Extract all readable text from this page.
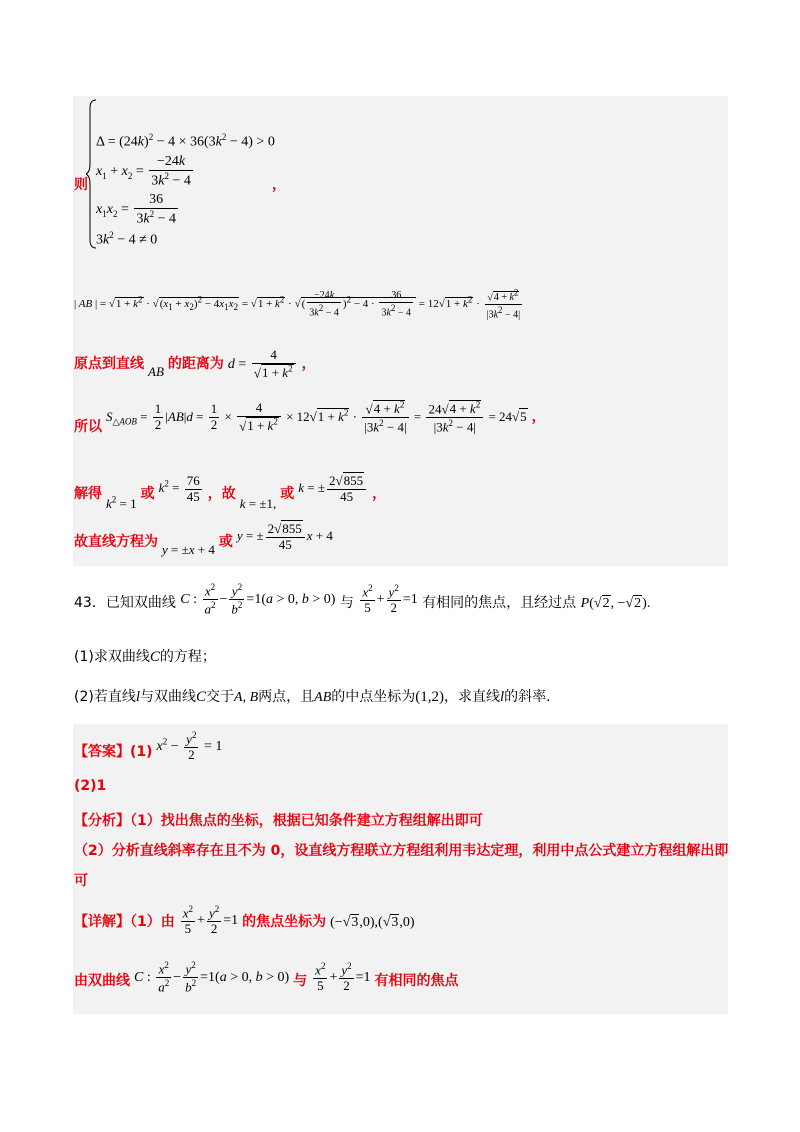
则
$\Delta = (24k)^2 - 4 \times 36(3k^2 - 4) > 0$
$x_1 + x_2 = \frac{-24k}{3k^2 - 4}$
$x_1x_2 = \frac{36}{3k^2 - 4}$
$3k^2 - 4 \ne 0$
，
| AB | = $√1 + k^2 \cdot √(x_1 + x_2)^2 - 4x_1x_2 = √1 + k^2$ · √( $\frac{-24k}{3k^2 - 4} )^2 - 4 \cdot \frac{36}{3k^2 - 4} = 12√1 + k^2 \cdot \frac{√4 + k^2}{|3k^2 - 4|}$
原点到直线 $_{AB}$ 的距离为 $d = \frac{4}{√1 + k^2}$ ，
所以 $S_{\triangle AOB} = \frac{1}{2} |AB|d = \frac{1}{2} \times \frac{4}{√1 + k^2} \times 12√1 + k^2 \cdot \frac{√4 + k^2}{|3k^2 - 4|} = \frac{24√4 + k^2}{|3k^2 - 4|} = 24√5$ ，
解得 $_{k^2 = 1}$ 或 $k^2 = \frac{76}{45}$ ，故 $_{k = \pm 1,}$ 或 k = ± $\frac{2√855}{45}$ ，
故直线方程为 $_{y = \pm x + 4}$ 或 y = ± $\frac{2√855}{45}$ x + 4
43．已知双曲线 C : $\frac{x^2}{a^2} - \frac{y^2}{b^2} =1(a > 0$, b > 0) 与 $\frac{x^2}{5} + \frac{y^2}{2} =1$ 有相同的焦点，且经过点 P(√2, −√2).
(1)求双曲线C的方程；
(2)若直线l与双曲线C交于A, B两点，且AB的中点坐标为(1,2)，求直线l的斜率.
【答案】(1) $x^2 - \frac{y^2}{2} = 1$
(2)1
【分析】（1）找出焦点的坐标，根据已知条件建立方程组解出即可
（2）分析直线斜率存在且不为 0，设直线方程联立方程组利用韦达定理，利用中点公式建立方程组解出即
可
【详解】（1）由 $\frac{x^2}{5} + \frac{y^2}{2} =1$ 的焦点坐标为 (−√3,0),(√3,0)
由双曲线 C : $\frac{x^2}{a^2} - \frac{y^2}{b^2} =1(a > 0$, b > 0) 与 $\frac{x^2}{5} + \frac{y^2}{2} =1$ 有相同的焦点
